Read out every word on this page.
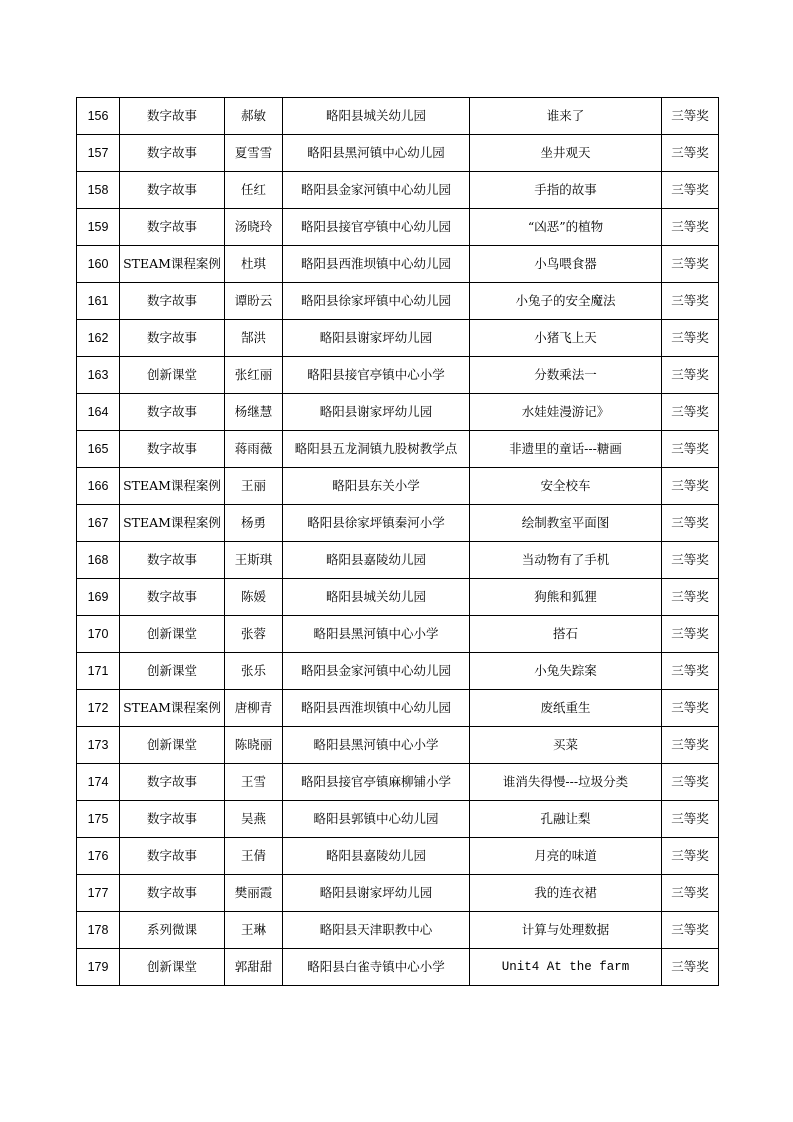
156	数字故事	郝敏	略阳县城关幼儿园	谁来了	三等奖
157	数字故事	夏雪雪	略阳县黑河镇中心幼儿园	坐井观天	三等奖
158	数字故事	任红	略阳县金家河镇中心幼儿园	手指的故事	三等奖
159	数字故事	汤晓玲	略阳县接官亭镇中心幼儿园	“凶恶”的植物	三等奖
160	STEAM课程案例	杜琪	略阳县西淮坝镇中心幼儿园	小鸟喂食器	三等奖
161	数字故事	谭盼云	略阳县徐家坪镇中心幼儿园	小兔子的安全魔法	三等奖
162	数字故事	郜洪	略阳县谢家坪幼儿园	小猪飞上天	三等奖
163	创新课堂	张红丽	略阳县接官亭镇中心小学	分数乘法一	三等奖
164	数字故事	杨继慧	略阳县谢家坪幼儿园	水娃娃漫游记》	三等奖
165	数字故事	蒋雨薇	略阳县五龙洞镇九股树教学点	非遗里的童话---糖画	三等奖
166	STEAM课程案例	王丽	略阳县东关小学	安全校车	三等奖
167	STEAM课程案例	杨勇	略阳县徐家坪镇秦河小学	绘制教室平面图	三等奖
168	数字故事	王斯琪	略阳县嘉陵幼儿园	当动物有了手机	三等奖
169	数字故事	陈媛	略阳县城关幼儿园	狗熊和狐狸	三等奖
170	创新课堂	张蓉	略阳县黑河镇中心小学	搭石	三等奖
171	创新课堂	张乐	略阳县金家河镇中心幼儿园	小兔失踪案	三等奖
172	STEAM课程案例	唐柳青	略阳县西淮坝镇中心幼儿园	废纸重生	三等奖
173	创新课堂	陈晓丽	略阳县黑河镇中心小学	买菜	三等奖
174	数字故事	王雪	略阳县接官亭镇麻柳铺小学	谁消失得慢---垃圾分类	三等奖
175	数字故事	吴燕	略阳县郭镇中心幼儿园	孔融让梨	三等奖
176	数字故事	王倩	略阳县嘉陵幼儿园	月亮的味道	三等奖
177	数字故事	樊丽霞	略阳县谢家坪幼儿园	我的连衣裙	三等奖
178	系列微课	王琳	略阳县天津职教中心	计算与处理数据	三等奖
179	创新课堂	郭甜甜	略阳县白雀寺镇中心小学	Unit4 At the farm	三等奖
